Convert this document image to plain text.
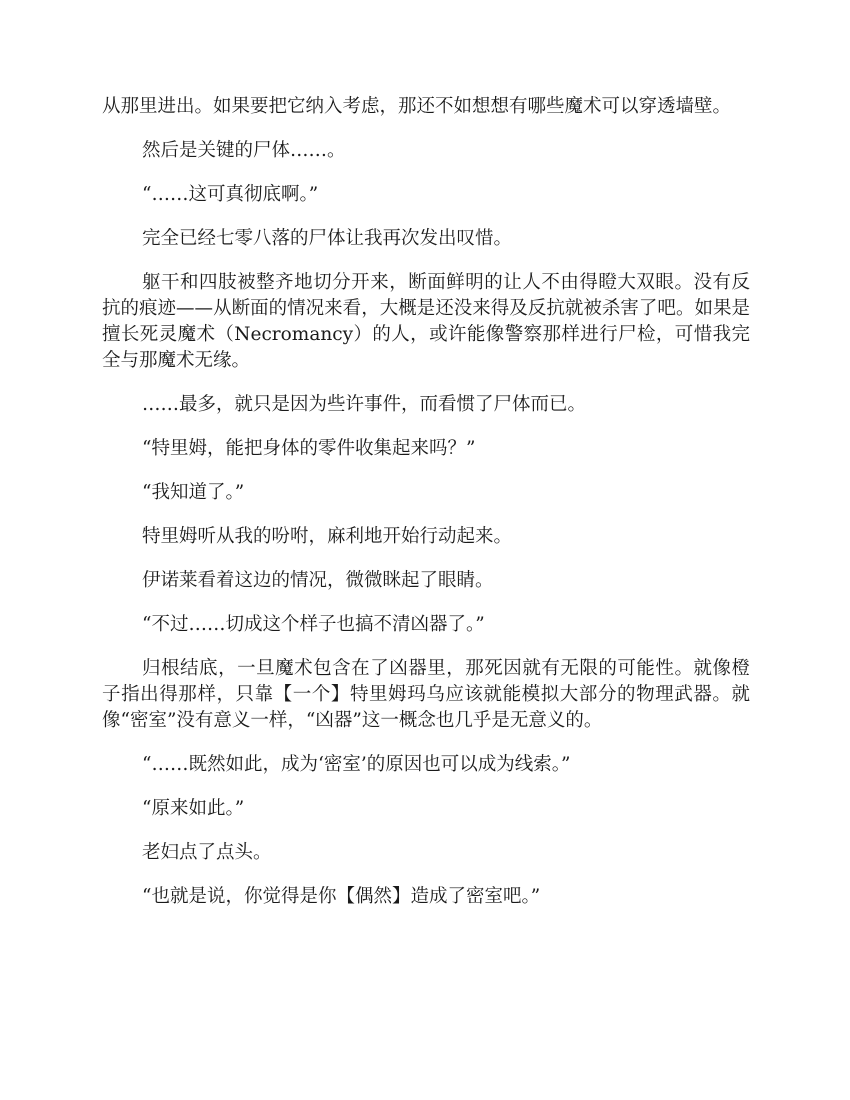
从那里进出。如果要把它纳入考虑，那还不如想想有哪些魔术可以穿透墙壁。

然后是关键的尸体……。

“……这可真彻底啊。”

完全已经七零八落的尸体让我再次发出叹惜。

躯干和四肢被整齐地切分开来，断面鲜明的让人不由得瞪大双眼。没有反抗的痕迹——从断面的情况来看，大概是还没来得及反抗就被杀害了吧。如果是擅长死灵魔术（Necromancy）的人，或许能像警察那样进行尸检，可惜我完全与那魔术无缘。

……最多，就只是因为些许事件，而看惯了尸体而已。

“特里姆，能把身体的零件收集起来吗？”

“我知道了。”

特里姆听从我的吩咐，麻利地开始行动起来。

伊诺莱看着这边的情况，微微眯起了眼睛。

“不过……切成这个样子也搞不清凶器了。”

归根结底，一旦魔术包含在了凶器里，那死因就有无限的可能性。就像橙子指出得那样，只靠【一个】特里姆玛乌应该就能模拟大部分的物理武器。就像“密室”没有意义一样，“凶器”这一概念也几乎是无意义的。

“……既然如此，成为‘密室’的原因也可以成为线索。”

“原来如此。”

老妇点了点头。

“也就是说，你觉得是你【偶然】造成了密室吧。”
